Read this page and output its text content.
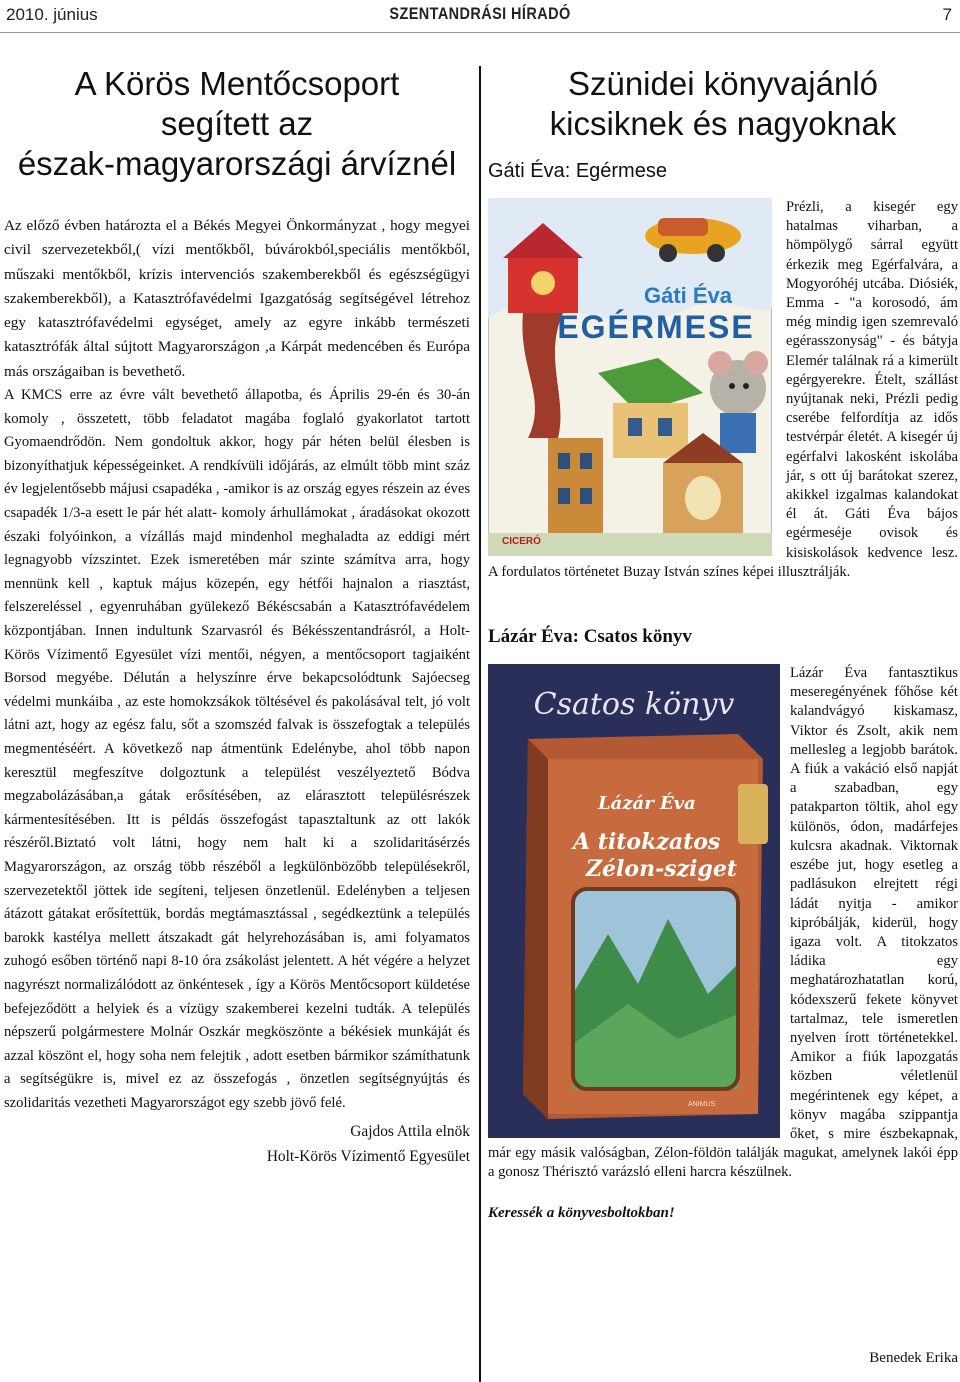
2010. június	SZENTANDRÁSI HÍRADÓ	7
A Körös Mentőcsoport
segített az
észak-magyarországi árvíznél

Az előző évben határozta el a Békés Megyei Önkormányzat , hogy megyei civil szervezetekből,( vízi mentőkből, búvárokból,speciális mentőkből, műszaki mentőkből, krízis intervenciós szakemberekből és egészségügyi szakemberekből), a Katasztrófavédelmi Igazgatóság segítségével létrehoz egy katasztrófavédelmi egységet, amely az egyre inkább természeti katasztrófák által sújtott Magyarországon ,a Kárpát medencében és Európa más országaiban is bevethető.

A KMCS erre az évre vált bevethető állapotba, és Április 29-én és 30-án komoly , összetett, több feladatot magába foglaló gyakorlatot tartott Gyomaendrődön. Nem gondoltuk akkor, hogy pár héten belül élesben is bizonyíthatjuk képességeinket. A rendkívüli időjárás, az elmúlt több mint száz év legjelentősebb májusi csapadéka , -amikor is az ország egyes részein az éves csapadék 1/3-a esett le pár hét alatt- komoly árhullámokat , áradásokat okozott északi folyóinkon, a vízállás majd mindenhol meghaladta az eddigi mért legnagyobb vízszintet. Ezek ismeretében már szinte számítva arra, hogy mennünk kell , kaptuk május közepén, egy hétfői hajnalon a riasztást, felszereléssel , egyenruhában gyülekező Békéscsabán a Katasztrófavédelem központjában. Innen indultunk Szarvasról és Békésszentandrásról, a Holt- Körös Vízimentő Egyesület vízi mentői, négyen, a mentőcsoport tagjaiként Borsod megyébe. Délután a helyszínre érve bekapcsolódtunk Sajóecseg védelmi munkáiba , az este homokzsákok töltésével és pakolásával telt, jó volt látni azt, hogy az egész falu, sőt a szomszéd falvak is összefogtak a település megmentéséért. A következő nap átmentünk Edelénybe, ahol több napon keresztül megfeszítve dolgoztunk a települést veszélyeztető Bódva megzabolázásában,a gátak erősítésében, az elárasztott településrészek kármentesítésében. Itt is példás összefogást tapasztaltunk az ott lakók részéről.Biztató volt látni, hogy nem halt ki a szolidaritásérzés Magyarországon, az ország több részéből a legkülönbözőbb településekről, szervezetektől jöttek ide segíteni, teljesen önzetlenül. Edelényben a teljesen átázott gátakat erősítettük, bordás megtámasztással , segédkeztünk a település barokk kastélya mellett átszakadt gát helyrehozásában is, ami folyamatos zuhogó esőben történő napi 8-10 óra zsákolást jelentett. A hét végére a helyzet nagyrészt normalizálódott az önkéntesek , így a Körös Mentőcsoport küldetése befejeződött a helyiek és a vízügy szakemberei kezelni tudták. A település népszerű polgármestere Molnár Oszkár megköszönte a békésiek munkáját és azzal köszönt el, hogy soha nem felejtik , adott esetben bármikor számíthatunk a segítségükre is, mivel ez az összefogás , önzetlen segítségnyújtás és szolidaritás vezetheti Magyarországot egy szebb jövő felé.

Gajdos Attila elnök
Holt-Körös Vízimentő Egyesület
Szünidei könyvajánló
kicsiknek és nagyoknak
Gáti Éva: Egérmese
Gáti Éva
EGÉRMESE
CICERÓ

Prézli, a kisegér egy hatalmas viharban, a hömpölygő sárral együtt érkezik meg Egérfalvára, a Mogyoróhéj utcába. Diósiék, Emma - "a korosodó, ám még mindig igen szemrevaló egérasszonyság" - és bátyja Elemér találnak rá a kimerült egérgyerekre. Ételt, szállást nyújtanak neki, Prézli pedig cserébe felfordítja az idős testvérpár életét. A kisegér új egérfalvi lakosként iskolába jár, s ott új barátokat szerez, akikkel izgalmas kalandokat él át. Gáti Éva bájos egérmeséje ovisok és kisiskolások kedvence lesz. A fordulatos történetet Buzay István színes képei illusztrálják.

Lázár Éva: Csatos könyv
Csatos könyv
Lázár Éva
A titokzatos
Zélon-sziget
ANIMUS

Lázár Éva fantasztikus meseregényének főhőse két kalandvágyó kiskamasz, Viktor és Zsolt, akik nem mellesleg a legjobb barátok. A fiúk a vakáció első napját a szabadban, egy patakparton töltik, ahol egy különös, ódon, madárfejes kulcsra akadnak. Viktornak eszébe jut, hogy esetleg a padlásukon elrejtett régi ládát nyitja - amikor kipróbálják, kiderül, hogy igaza volt. A titokzatos ládika egy meghatározhatatlan korú, kódexszerű fekete könyvet tartalmaz, tele ismeretlen nyelven írott történetekkel. Amikor a fiúk lapozgatás közben véletlenül megérintenek egy képet, a könyv magába szippantja őket, s mire észbekapnak, már egy másik valóságban, Zélon-földön találják magukat, amelynek lakói épp a gonosz Thérisztó varázsló elleni harcra készülnek.

Keressék a könyvesboltokban!
Benedek Erika
